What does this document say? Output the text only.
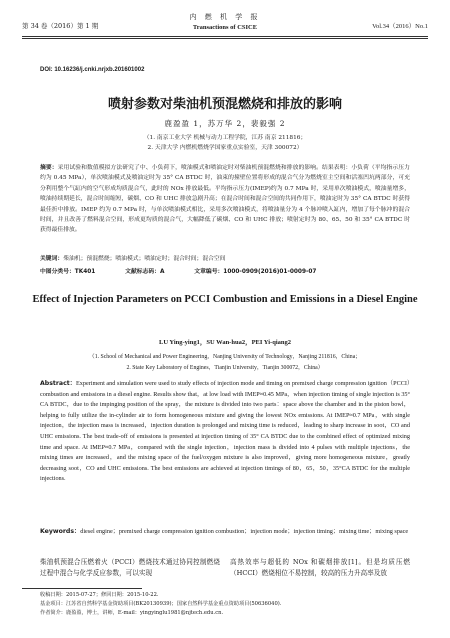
第 34 卷（2016）第 1 期
内 燃 机 学 报
Transactions of CSICE	Vol.34（2016）No.1
DOI: 10.16236/j.cnki.nrjxb.201601002
喷射参数对柴油机预混燃烧和排放的影响
鹿盈盈 1，苏万华 2，裴毅强 2
（1. 南京工业大学 机械与动力工程学院，江苏 南京 211816；
2. 天津大学 内燃机燃烧学国家重点实验室，天津 300072）
摘要：采用试验和数值模拟方法研究了中、小负荷下，喷油模式和喷油定时对柴油机预混燃烧和排放的影响。结果表明：小负荷（平均指示压力约为 0.45 MPa），单次喷油模式及喷油定时为 35° CA BTDC 时，油束的撞壁位置将形成的混合气分为燃烧室主空间和活塞凹坑两部分，可充分利用整个气缸内的空气形成均质混合气，此时的 NOx 排放最低。平均指示压力(IMEP)约为 0.7 MPa 时，采用单次喷油模式，喷油量增多，喷油持续期延长，混合时间缩短，碳烟、CO 和 UHC 排放急剧升高；在混合时间和混合空间的共同作用下，喷油定时为 35° CA BTDC 时获得最佳折中排放。IMEP 约为 0.7 MPa 时，与单次喷油模式相比，采用多次喷油模式，将喷油量分为 4 个脉冲喷入缸内，增加了每个脉冲的混合时间，并且改善了燃料混合空间，形成更均质的混合气，大幅降低了碳烟、CO 和 UHC 排放；喷射定时为 80、65、50 和 35° CA BTDC 时获得最佳排放。
关键词：柴油机；预混燃烧；喷油模式；喷油定时；混合时间；混合空间
中图分类号：TK401	文献标志码：A	文章编号：1000-0909(2016)01-0009-07
Effect of Injection Parameters on PCCI Combustion and Emissions in a Diesel Engine
LU Ying-ying1，SU Wan-hua2，PEI Yi-qiang2
（1. School of Mechanical and Power Engineering，Nanjing University of Technology，Nanjing 211816，China；
2. State Key Laboratory of Engines，Tianjin University，Tianjin 300072，China）
Abstract：Experiment and simulation were used to study effects of injection mode and timing on premixed charge compression ignition（PCCI）combustion and emissions in a diesel engine. Results show that，at low load with IMEP≈0.45 MPa，when injection timing of single injection is 35° CA BTDC，due to the impinging position of the spray，the mixture is divided into two parts：space above the chamber and in the piston bowl，helping to fully utilize the in-cylinder air to form homogeneous mixture and giving the lowest NOx emissions. At IMEP≈0.7 MPa，with single injection，the injection mass is increased，injection duration is prolonged and mixing time is reduced，leading to sharp increase in soot，CO and UHC emissions. The best trade-off of emissions is presented at injection timing of 35° CA BTDC due to the combined effect of optimized mixing time and space. At IMEP≈0.7 MPa，compared with the single injection，injection mass is divided into 4 pulses with multiple injections，the mixing times are increased，and the mixing space of the fuel/oxygen mixture is also improved，giving more homogeneous mixture，greatly decreasing soot，CO and UHC emissions. The best emissions are achieved at injection timings of 80，65，50，35°CA BTDC for the multiple injections.
Keywords：diesel engine；premixed charge compression ignition combustion；injection mode；injection timing；mixing time；mixing space
柴油机预混合压燃着火（PCCI）燃烧技术通过协同控制燃烧过程中混合与化学反应参数，可以实现
高热效率与超低的 NOx 和碳烟排放[1]。但是均质压燃（HCCI）燃烧相位不易控制，较高的压力升高率及放
收稿日期：2015-07-27；修回日期：2015-10-22.
基金项目：江苏省自然科学基金资助项目(BK20130939)；国家自然科学基金重点资助项目(50636040).
作者简介：鹿盈盈，博士，讲师，E-mail：yingyinglu1981@njtech.edu.cn.
